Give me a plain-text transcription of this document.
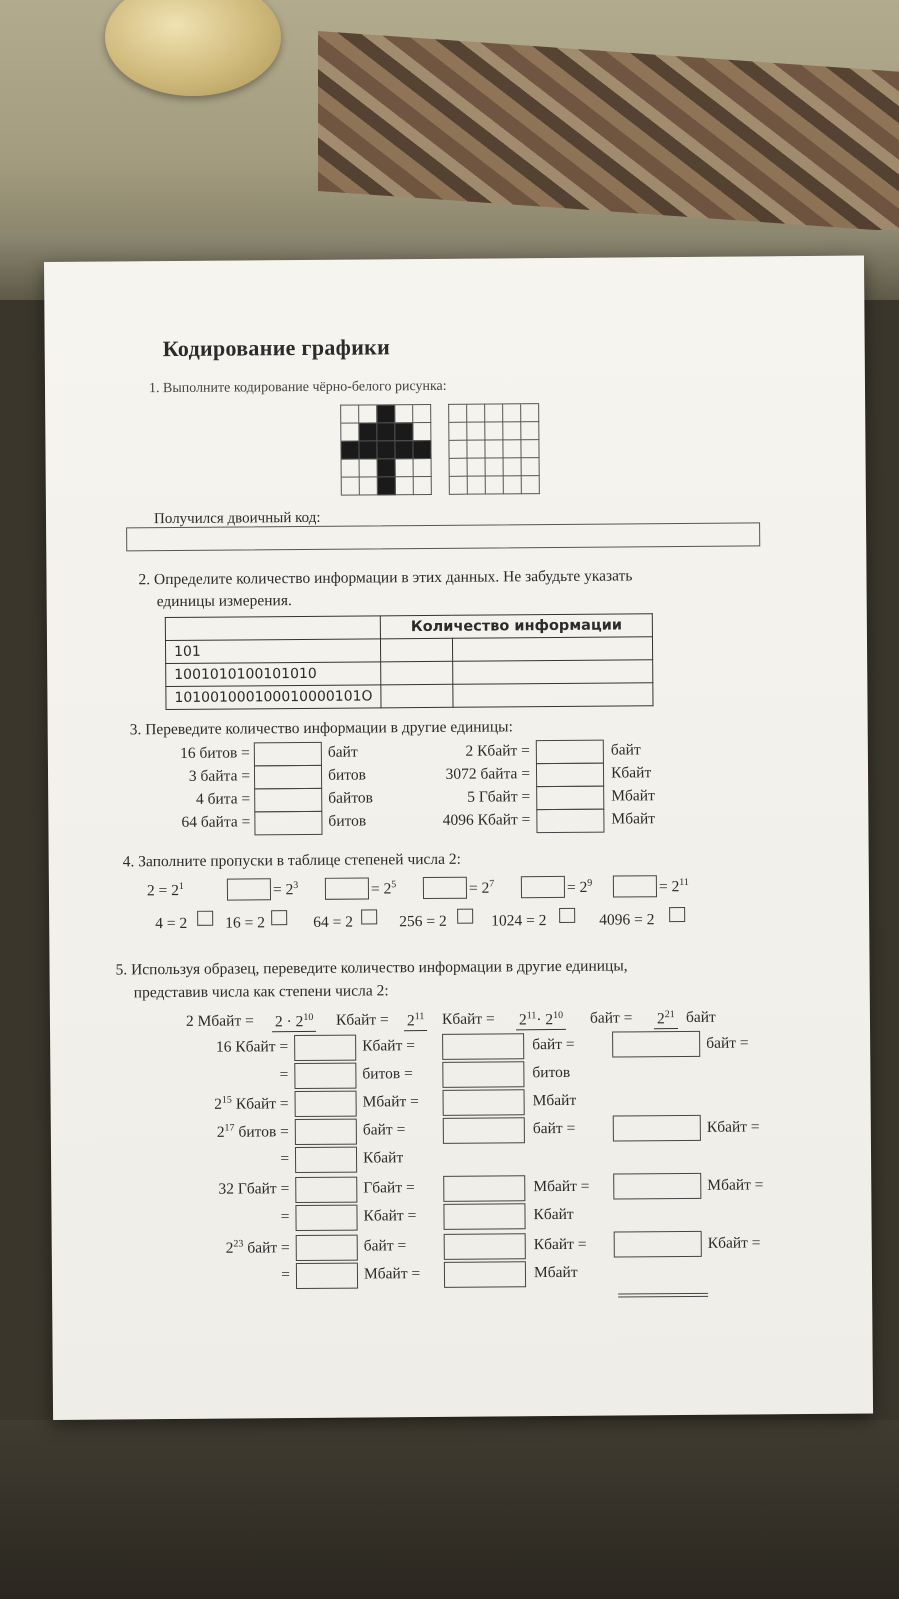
Кодирование графики
1. Выполните кодирование чёрно-белого рисунка:
Получился двоичный код:
2. Определите количество информации в этих данных. Не забудьте указать
единицы измерения.
	Количество информации	
101		
1001010100101010		
101001000100010000101О		
3. Переведите количество информации в другие единицы:
4. Заполните пропуски в таблице степеней числа 2:
5. Используя образец, переведите количество информации в другие единицы,
представив числа как степени числа 2:
16 битов =	байт
3 байта =	битов
4 бита =	байтов
64 байта =	битов
2 Кбайт =	байт
3072 байта =	Кбайт
5 Гбайт =	Мбайт
4096 Кбайт =	Мбайт
$2 = 2^1$	= $2^3$	= $2^5$	= $2^7$	= $2^9$	= $2^{11}$
4 = 2 16 = 2	64 = 2	256 = 2	1024 = 2	4096 = 2
2 Мбайт = $2 \cdot 2^{10}$ Кбайт = $2^{11}$ Кбайт = $2^{11}\cdot 2^{10}$ байт = $2^{21}$ байт
16 Кбайт =	Кбайт =	байт =	байт =
=	битов =	битов
$2^{15}$ Кбайт =	Мбайт =	Мбайт
$2^{17}$ битов =	байт =	байт =	Кбайт =
=	Кбайт
32 Гбайт =	Гбайт =	Мбайт =	Мбайт =
=	Кбайт =	Кбайт
$2^{23}$ байт =	байт =	Кбайт =	Кбайт =
=	Мбайт =	Мбайт
